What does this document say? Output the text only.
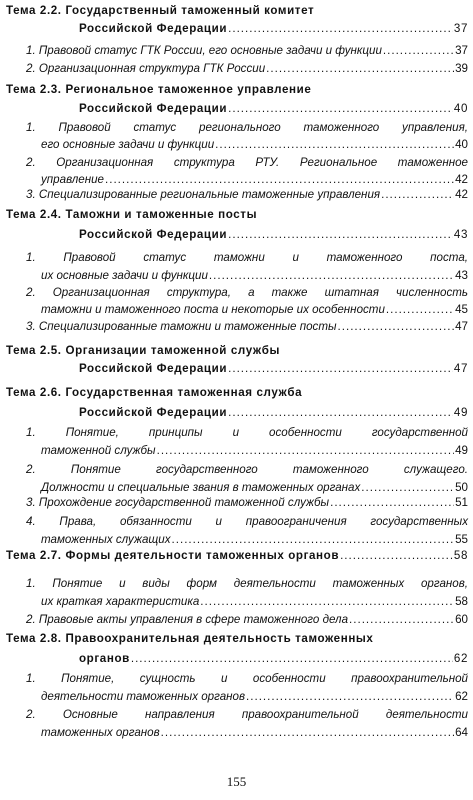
Тема 2.2. Государственный таможенный комитет
Российской Федерации .....	37
1. Правовой статус ГТК России, его основные задачи и функции .....	37
2. Организационная структура ГТК России .....	39
Тема 2.3. Региональное таможенное управление
Российской Федерации .....	40
1. Правовой статус регионального таможенного управления,
его основные задачи и функции .....	40
2. Организационная структура РТУ. Региональное таможенное
управление .....	42
3. Специализированные региональные таможенные управления .....	42
Тема 2.4. Таможни и таможенные посты
Российской Федерации .....	43
1. Правовой статус таможни и таможенного поста,
их основные задачи и функции .....	43
2. Организационная структура, а также штатная численность
таможни и таможенного поста и некоторые их особенности .....	45
3. Специализированные таможни и таможенные посты .....	47
Тема 2.5. Организации таможенной службы
Российской Федерации .....	47
Тема 2.6. Государственная таможенная служба
Российской Федерации .....	49
1. Понятие, принципы и особенности государственной
таможенной службы .....	49
2. Понятие государственного таможенного служащего.
Должности и специальные звания в таможенных органах .....	50
3. Прохождение государственной таможенной службы .....	51
4. Права, обязанности и правоограничения государственных
таможенных служащих .....	55
Тема 2.7. Формы деятельности таможенных органов .....	58
1. Понятие и виды форм деятельности таможенных органов,
их краткая характеристика .....	58
2. Правовые акты управления в сфере таможенного дела .....	60
Тема 2.8. Правоохранительная деятельность таможенных
органов .....	62
1. Понятие, сущность и особенности правоохранительной
деятельности таможенных органов .....	62
2. Основные направления правоохранительной деятельности
таможенных органов .....	64
155
